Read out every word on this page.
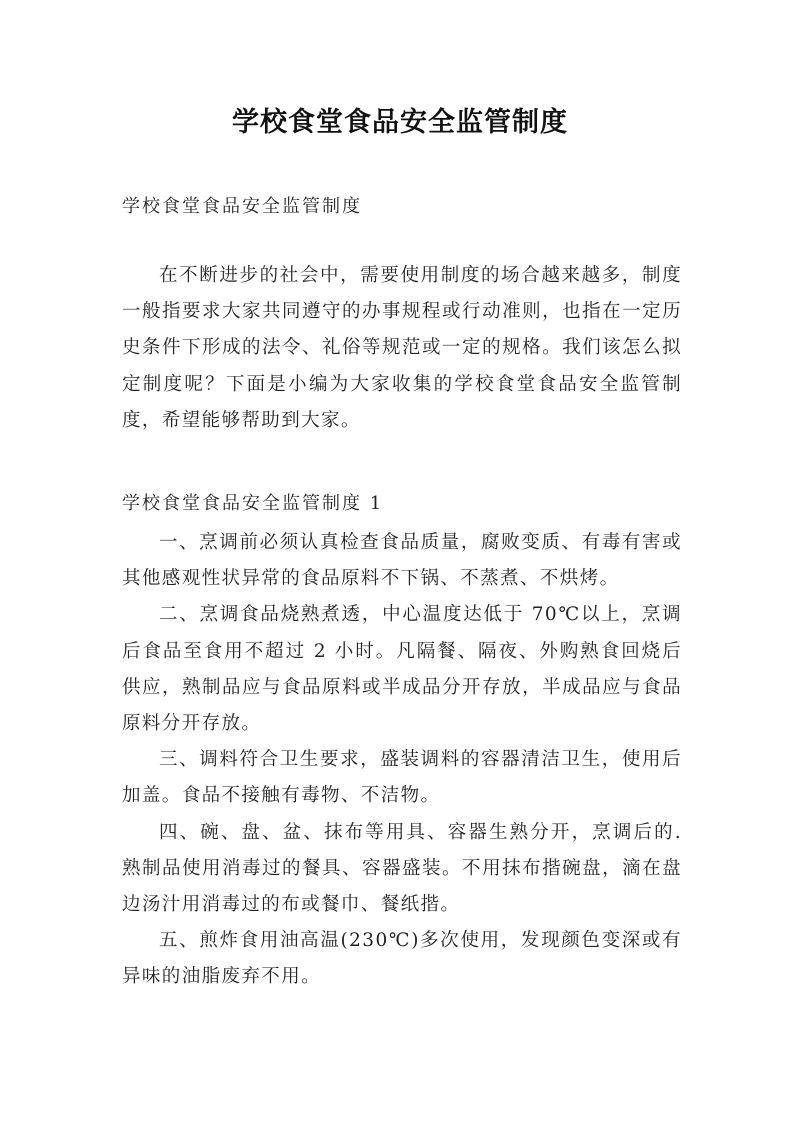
学校食堂食品安全监管制度

学校食堂食品安全监管制度

在不断进步的社会中，需要使用制度的场合越来越多，制度一般指要求大家共同遵守的办事规程或行动准则，也指在一定历史条件下形成的法令、礼俗等规范或一定的规格。我们该怎么拟定制度呢？下面是小编为大家收集的学校食堂食品安全监管制度，希望能够帮助到大家。

学校食堂食品安全监管制度 1

一、烹调前必须认真检查食品质量，腐败变质、有毒有害或其他感观性状异常的食品原料不下锅、不蒸煮、不烘烤。
二、烹调食品烧熟煮透，中心温度达低于 70℃以上，烹调后食品至食用不超过 2 小时。凡隔餐、隔夜、外购熟食回烧后供应，熟制品应与食品原料或半成品分开存放，半成品应与食品原料分开存放。
三、调料符合卫生要求，盛装调料的容器清洁卫生，使用后加盖。食品不接触有毒物、不洁物。
四、碗、盘、盆、抹布等用具、容器生熟分开，烹调后的.熟制品使用消毒过的餐具、容器盛装。不用抹布揩碗盘，滴在盘边汤汁用消毒过的布或餐巾、餐纸揩。
五、煎炸食用油高温(230℃)多次使用，发现颜色变深或有异味的油脂废弃不用。
